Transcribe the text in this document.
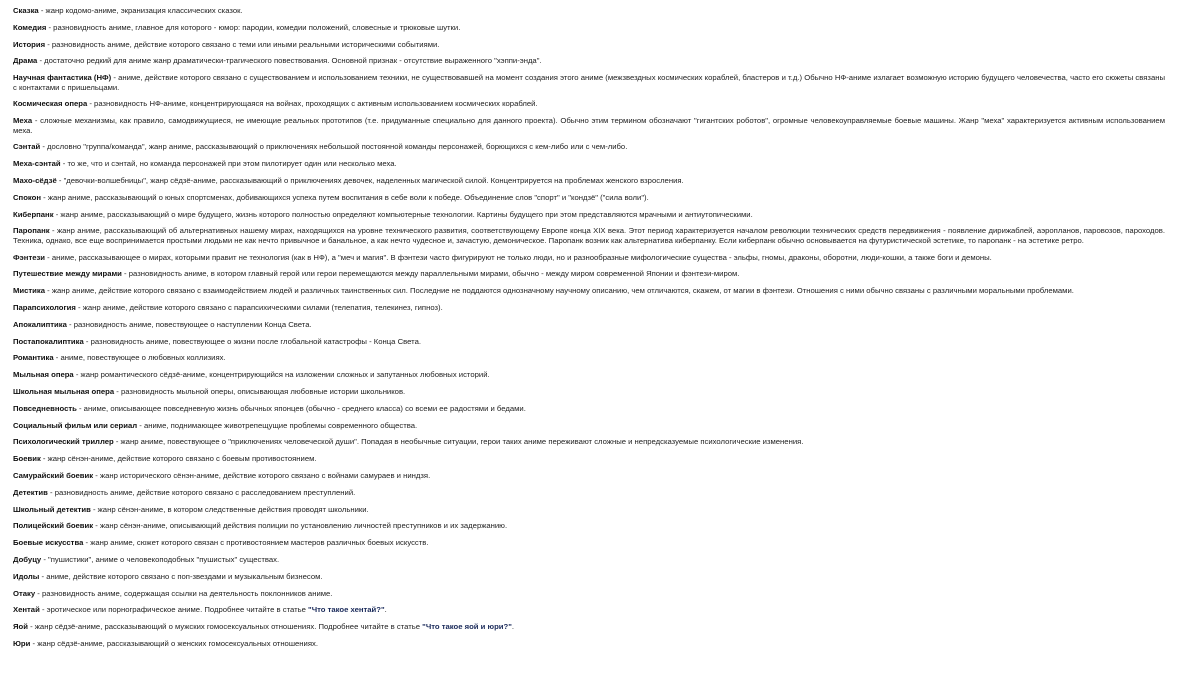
Сказка - жанр кодомо-аниме, экранизация классических сказок.
Комедия - разновидность аниме, главное для которого - юмор: пародии, комедии положений, словесные и трюковые шутки.
История - разновидность аниме, действие которого связано с теми или иными реальными историческими событиями.
Драма - достаточно редкий для аниме жанр драматически-трагического повествования. Основной признак - отсутствие выраженного "хэппи-энда".
Научная фантастика (НФ) - аниме, действие которого связано с существованием и использованием техники, не существовавшей на момент создания этого аниме (межзвездных космических кораблей, бластеров и т.д.) Обычно НФ-аниме излагает возможную историю будущего человечества, часто его сюжеты связаны с контактами с пришельцами.
Космическая опера - разновидность НФ-аниме, концентрирующаяся на войнах, проходящих с активным использованием космических кораблей.
Меха - сложные механизмы, как правило, самодвижущиеся, не имеющие реальных прототипов (т.е. придуманные специально для данного проекта). Обычно этим термином обозначают "гигантских роботов", огромные человекоуправляемые боевые машины. Жанр "меха" характеризуется активным использованием меха.
Сэнтай - дословно "группа/команда", жанр аниме, рассказывающий о приключениях небольшой постоянной команды персонажей, борющихся с кем-либо или с чем-либо.
Меха-сэнтай - то же, что и сэнтай, но команда персонажей при этом пилотирует один или несколько меха.
Махо-сёдзё - "девочки-волшебницы", жанр сёдзё-аниме, рассказывающий о приключениях девочек, наделенных магической силой. Концентрируется на проблемах женского взросления.
Спокон - жанр аниме, рассказывающий о юных спортсменах, добивающихся успеха путем воспитания в себе воли к победе. Объединение слов "спорт" и "кондзё" ("сила воли").
Киберпанк - жанр аниме, рассказывающий о мире будущего, жизнь которого полностью определяют компьютерные технологии. Картины будущего при этом представляются мрачными и антиутопическими.
Паропанк - жанр аниме, рассказывающий об альтернативных нашему мирах, находящихся на уровне технического развития, соответствующему Европе конца XIX века. Этот период характеризуется началом революции технических средств передвижения - появление дирижаблей, аэропланов, паровозов, пароходов. Техника, однако, все еще воспринимается простыми людьми не как нечто привычное и банальное, а как нечто чудесное и, зачастую, демоническое. Паропанк возник как альтернатива киберпанку. Если киберпанк обычно основывается на футуристической эстетике, то паропанк - на эстетике ретро.
Фэнтези - аниме, рассказывающее о мирах, которыми правит не технология (как в НФ), а "меч и магия". В фэнтези часто фигурируют не только люди, но и разнообразные мифологические существа - эльфы, гномы, драконы, оборотни, люди-кошки, а также боги и демоны.
Путешествие между мирами - разновидность аниме, в котором главный герой или герои перемещаются между параллельными мирами, обычно - между миром современной Японии и фэнтези-миром.
Мистика - жанр аниме, действие которого связано с взаимодействием людей и различных таинственных сил. Последние не поддаются однозначному научному описанию, чем отличаются, скажем, от магии в фэнтези. Отношения с ними обычно связаны с различными моральными проблемами.
Парапсихология - жанр аниме, действие которого связано с парапсихическими силами (телепатия, телекинез, гипноз).
Апокалиптика - разновидность аниме, повествующее о наступлении Конца Света.
Постапокалиптика - разновидность аниме, повествующее о жизни после глобальной катастрофы - Конца Света.
Романтика - аниме, повествующее о любовных коллизиях.
Мыльная опера - жанр романтического сёдзё-аниме, концентрирующийся на изложении сложных и запутанных любовных историй.
Школьная мыльная опера - разновидность мыльной оперы, описывающая любовные истории школьников.
Повседневность - аниме, описывающее повседневную жизнь обычных японцев (обычно - среднего класса) со всеми ее радостями и бедами.
Социальный фильм или сериал - аниме, поднимающее животрепещущие проблемы современного общества.
Психологический триллер - жанр аниме, повествующее о "приключениях человеческой души". Попадая в необычные ситуации, герои таких аниме переживают сложные и непредсказуемые психологические изменения.
Боевик - жанр сёнэн-аниме, действие которого связано с боевым противостоянием.
Самурайский боевик - жанр исторического сёнэн-аниме, действие которого связано с войнами самураев и ниндзя.
Детектив - разновидность аниме, действие которого связано с расследованием преступлений.
Школьный детектив - жанр сёнэн-аниме, в котором следственные действия проводят школьники.
Полицейский боевик - жанр сёнэн-аниме, описывающий действия полиции по установлению личностей преступников и их задержанию.
Боевые искусства - жанр аниме, сюжет которого связан с противостоянием мастеров различных боевых искусств.
Добуцу - "пушистики", аниме о человекоподобных "пушистых" существах.
Идолы - аниме, действие которого связано с поп-звездами и музыкальным бизнесом.
Отаку - разновидность аниме, содержащая ссылки на деятельность поклонников аниме.
Хентай - эротическое или порнографическое аниме. Подробнее читайте в статье "Что такое хентай?".
Яой - жанр сёдзё-аниме, рассказывающий о мужских гомосексуальных отношениях. Подробнее читайте в статье "Что такое яой и юри?".
Юри - жанр сёдзё-аниме, рассказывающий о женских гомосексуальных отношениях.
